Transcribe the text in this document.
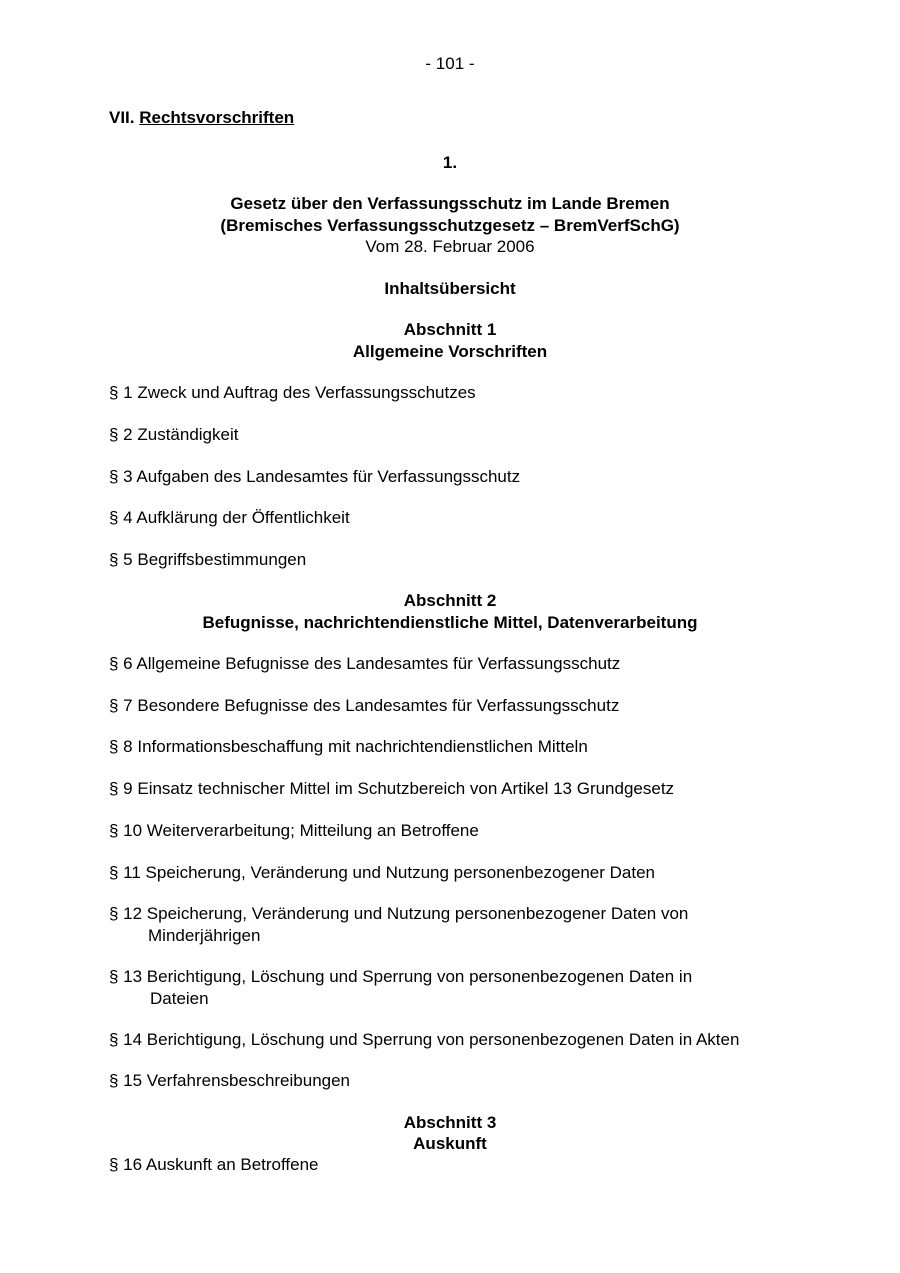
- 101 -
VII. Rechtsvorschriften
1.
Gesetz über den Verfassungsschutz im Lande Bremen
(Bremisches Verfassungsschutzgesetz – BremVerfSchG)
Vom 28. Februar 2006
Inhaltsübersicht
Abschnitt 1
Allgemeine Vorschriften
§ 1 Zweck und Auftrag des Verfassungsschutzes
§ 2 Zuständigkeit
§ 3 Aufgaben des Landesamtes für Verfassungsschutz
§ 4 Aufklärung der Öffentlichkeit
§ 5 Begriffsbestimmungen
Abschnitt 2
Befugnisse, nachrichtendienstliche Mittel, Datenverarbeitung
§ 6 Allgemeine Befugnisse des Landesamtes für Verfassungsschutz
§ 7 Besondere Befugnisse des Landesamtes für Verfassungsschutz
§ 8 Informationsbeschaffung mit nachrichtendienstlichen Mitteln
§ 9 Einsatz technischer Mittel im Schutzbereich von Artikel 13 Grundgesetz
§ 10 Weiterverarbeitung; Mitteilung an Betroffene
§ 11 Speicherung, Veränderung und Nutzung personenbezogener Daten
§ 12 Speicherung, Veränderung und Nutzung personenbezogener Daten von
Minderjährigen
§ 13 Berichtigung, Löschung und Sperrung von personenbezogenen Daten in
Dateien
§ 14 Berichtigung, Löschung und Sperrung von personenbezogenen Daten in Akten
§ 15 Verfahrensbeschreibungen
Abschnitt 3
Auskunft
§ 16 Auskunft an Betroffene
